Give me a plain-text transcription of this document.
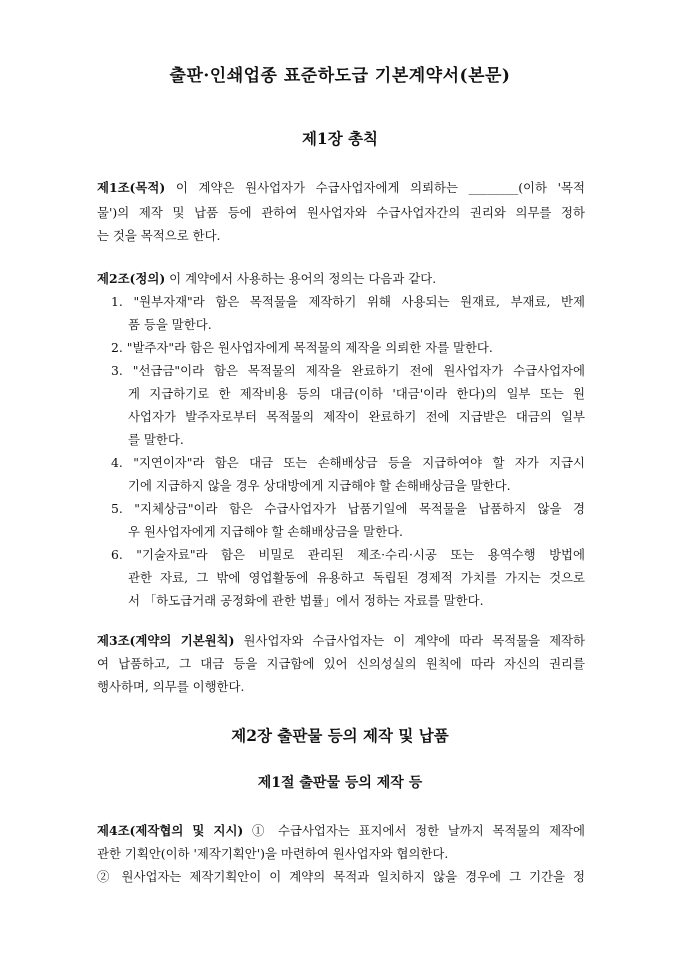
출판·인쇄업종 표준하도급 기본계약서(본문)
제1장 총칙
제1조(목적) 이 계약은 원사업자가 수급사업자에게 의뢰하는 ________(이하 '목적
물')의 제작 및 납품 등에 관하여 원사업자와 수급사업자간의 권리와 의무를 정하
는 것을 목적으로 한다.
제2조(정의) 이 계약에서 사용하는 용어의 정의는 다음과 같다.
1. "원부자재"라 함은 목적물을 제작하기 위해 사용되는 원재료, 부재료, 반제
품 등을 말한다.
2. "발주자"라 함은 원사업자에게 목적물의 제작을 의뢰한 자를 말한다.
3. "선급금"이라 함은 목적물의 제작을 완료하기 전에 원사업자가 수급사업자에
게 지급하기로 한 제작비용 등의 대금(이하 '대금'이라 한다)의 일부 또는 원
사업자가 발주자로부터 목적물의 제작이 완료하기 전에 지급받은 대금의 일부
를 말한다.
4. "지연이자"라 함은 대금 또는 손해배상금 등을 지급하여야 할 자가 지급시
기에 지급하지 않을 경우 상대방에게 지급해야 할 손해배상금을 말한다.
5. "지체상금"이라 함은 수급사업자가 납품기일에 목적물을 납품하지 않을 경
우 원사업자에게 지급해야 할 손해배상금을 말한다.
6. "기술자료"라 함은 비밀로 관리된 제조·수리·시공 또는 용역수행 방법에
관한 자료, 그 밖에 영업활동에 유용하고 독립된 경제적 가치를 가지는 것으로
서 「하도급거래 공정화에 관한 법률」에서 정하는 자료를 말한다.
제3조(계약의 기본원칙) 원사업자와 수급사업자는 이 계약에 따라 목적물을 제작하
여 납품하고, 그 대금 등을 지급함에 있어 신의성실의 원칙에 따라 자신의 권리를
행사하며, 의무를 이행한다.
제2장 출판물 등의 제작 및 납품
제1절 출판물 등의 제작 등
제4조(제작협의 및 지시) ① 수급사업자는 표지에서 정한 날까지 목적물의 제작에
관한 기획안(이하 '제작기획안')을 마련하여 원사업자와 협의한다.
② 원사업자는 제작기획안이 이 계약의 목적과 일치하지 않을 경우에 그 기간을 정
